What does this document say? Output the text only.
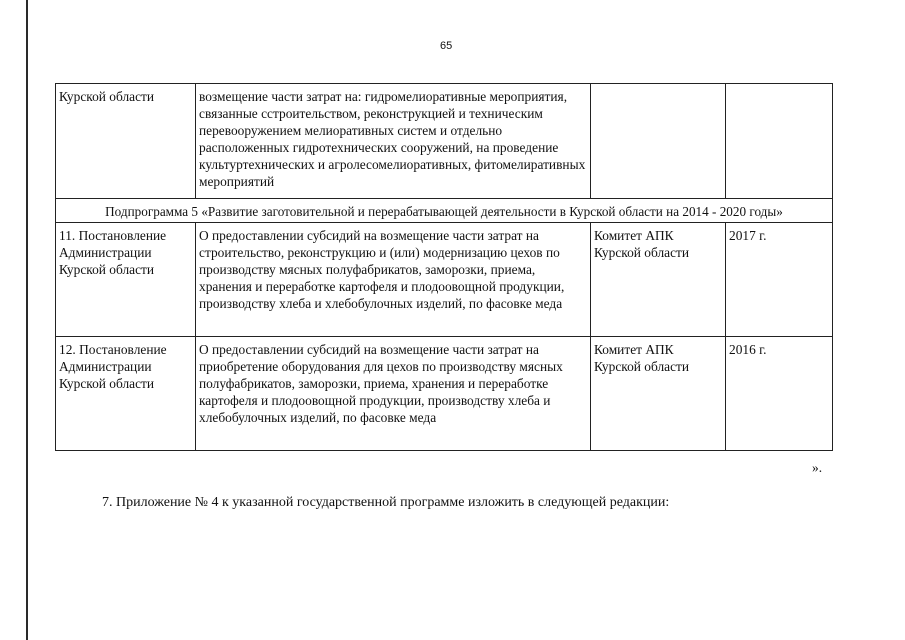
65
Курской области	возмещение части затрат на: гидромелиоративные мероприятия, связанные сстроительством, реконструкцией и техническим перевооружением мелиоративных систем и отдельно расположенных гидротехнических сооружений, на проведение культуртехнических и агролесомелиоративных, фитомелиративных мероприятий		
Подпрограмма 5 «Развитие заготовительной и перерабатывающей деятельности в Курской области на 2014 - 2020 годы»			
11. Постановление Администрации Курской области	О предоставлении субсидий на возмещение части затрат на строительство, реконструкцию и (или) модернизацию цехов по производству мясных полуфабрикатов, заморозки, приема, хранения и переработке картофеля и плодоовощной продукции, производству хлеба и хлебобулочных изделий, по фасовке меда	Комитет АПК Курской области	2017 г.
12. Постановление Администрации Курской области	О предоставлении субсидий на возмещение части затрат на приобретение оборудования для цехов по производству мясных полуфабрикатов, заморозки, приема, хранения и переработке картофеля и плодоовощной продукции, производству хлеба и хлебобулочных изделий, по фасовке меда	Комитет АПК Курской области	2016 г.
».
7. Приложение № 4 к указанной государственной программе изложить в следующей редакции:
